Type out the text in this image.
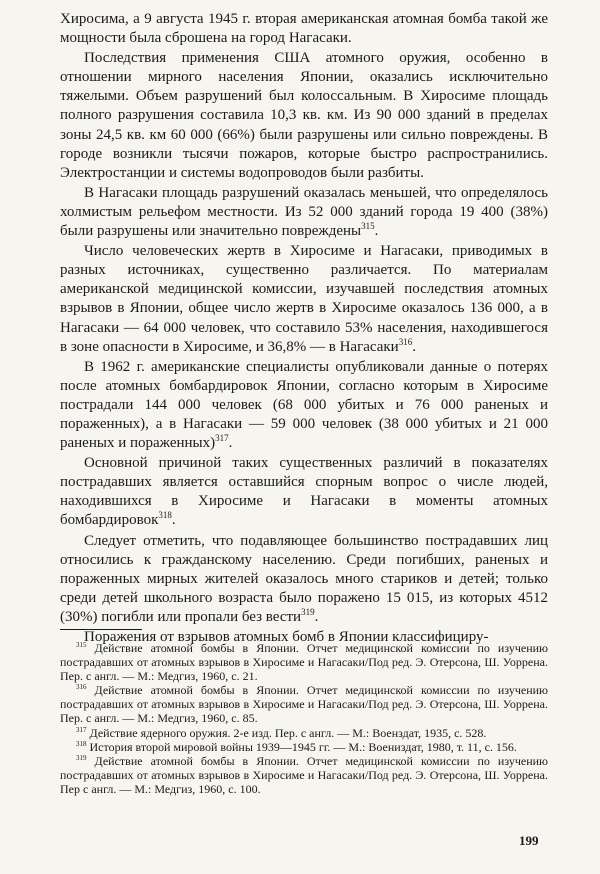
Хиросима, а 9 августа 1945 г. вторая американская атомная бомба такой же мощности была сброшена на город Нагасаки.

Последствия применения США атомного оружия, особенно в отношении мирного населения Японии, оказались исключительно тяжелыми. Объем разрушений был колоссальным. В Хиросиме площадь полного разрушения составила 10,3 кв. км. Из 90 000 зданий в пределах зоны 24,5 кв. км 60 000 (66%) были разрушены или сильно повреждены. В городе возникли тысячи пожаров, которые быстро распространились. Электростанции и системы водопроводов были разбиты.

В Нагасаки площадь разрушений оказалась меньшей, что определялось холмистым рельефом местности. Из 52 000 зданий города 19 400 (38%) были разрушены или значительно повреждены$^{315}$.

Число человеческих жертв в Хиросиме и Нагасаки, приводимых в разных источниках, существенно различается. По материалам американской медицинской комиссии, изучавшей последствия атомных взрывов в Японии, общее число жертв в Хиросиме оказалось 136 000, а в Нагасаки — 64 000 человек, что составило 53% населения, находившегося в зоне опасности в Хиросиме, и 36,8% — в Нагасаки$^{316}$.

В 1962 г. американские специалисты опубликовали данные о потерях после атомных бомбардировок Японии, согласно которым в Хиросиме пострадали 144 000 человек (68 000 убитых и 76 000 раненых и пораженных), а в Нагасаки — 59 000 человек (38 000 убитых и 21 000 раненых и пораженных)$^{317}$.

Основной причиной таких существенных различий в показателях пострадавших является оставшийся спорным вопрос о числе людей, находившихся в Хиросиме и Нагасаки в моменты атомных бомбардировок$^{318}$.

Следует отметить, что подавляющее большинство пострадавших лиц относились к гражданскому населению. Среди погибших, раненых и пораженных мирных жителей оказалось много стариков и детей; только среди детей школьного возраста было поражено 15 015, из которых 4512 (30%) погибли или пропали без вести$^{319}$.

Поражения от взрывов атомных бомб в Японии классифициру-

$^{315}$ Действие атомной бомбы в Японии. Отчет медицинской комиссии по изучению пострадавших от атомных взрывов в Хиросиме и Нагасаки/Под ред. Э. Отерсона, Ш. Уоррена. Пер. с англ. — М.: Медгиз, 1960, с. 21.

$^{316}$ Действие атомной бомбы в Японии. Отчет медицинской комиссии по изучению пострадавших от атомных взрывов в Хиросиме и Нагасаки/Под ред. Э. Отерсона, Ш. Уоррена. Пер. с англ. — М.: Медгиз, 1960, с. 85.

$^{317}$ Действие ядерного оружия. 2-е изд. Пер. с англ. — М.: Военздат, 1935, с. 528.

$^{318}$ История второй мировой войны 1939—1945 гг. — М.: Воениздат, 1980, т. 11, с. 156.

$^{319}$ Действие атомной бомбы в Японии. Отчет медицинской комиссии по изучению пострадавших от атомных взрывов в Хиросиме и Нагасаки/Под ред. Э. Отерсона, Ш. Уоррена. Пер с англ. — М.: Медгиз, 1960, с. 100.

199
